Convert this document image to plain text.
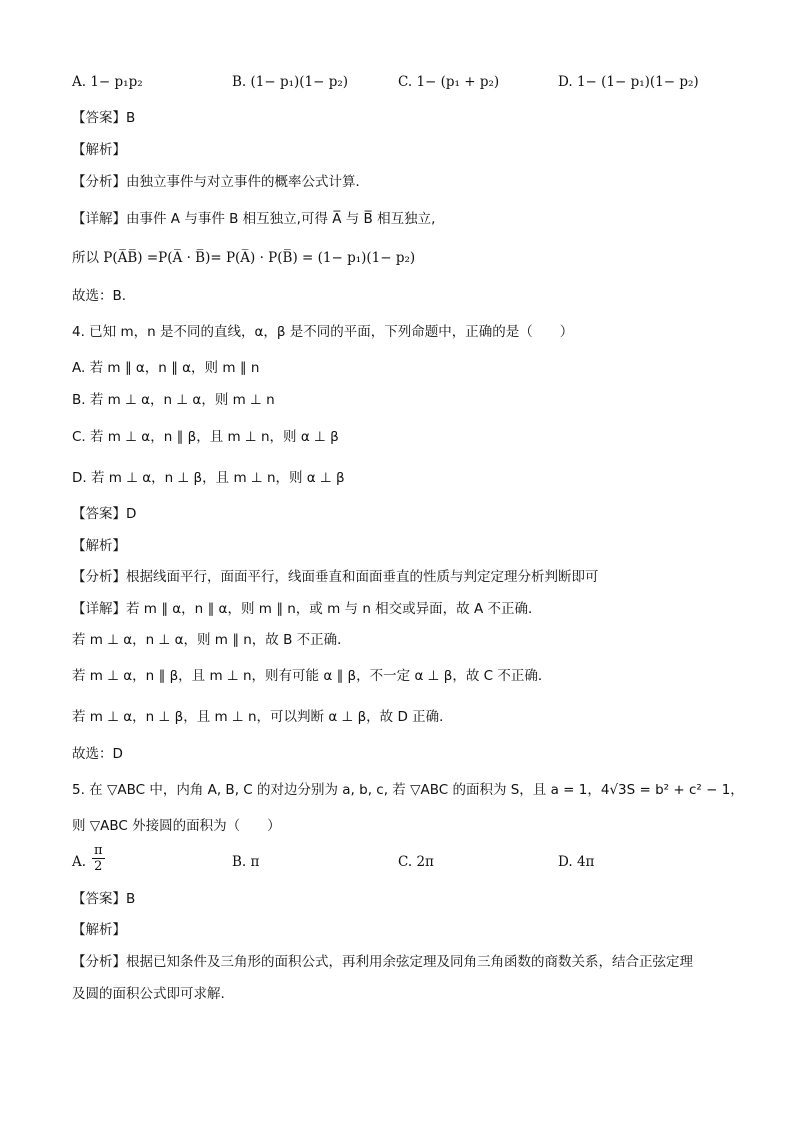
A. 1− p₁p₂	B. (1− p₁)(1− p₂)	C. 1− (p₁ + p₂)	D. 1− (1− p₁)(1− p₂)
【答案】B
【解析】
【分析】由独立事件与对立事件的概率公式计算．
【详解】由事件 A 与事件 B 相互独立,可得 A̅ 与 B̅ 相互独立,
所以 P(A̅B̅) =P(A̅ · B̅)= P(A̅) · P(B̅) = (1− p₁)(1− p₂)
故选：B.
4. 已知 m，n 是不同的直线，α，β 是不同的平面，下列命题中，正确的是（　　）
A. 若 m ∥ α，n ∥ α，则 m ∥ n
B. 若 m ⊥ α，n ⊥ α，则 m ⊥ n
C. 若 m ⊥ α，n ∥ β，且 m ⊥ n，则 α ⊥ β
D. 若 m ⊥ α，n ⊥ β，且 m ⊥ n，则 α ⊥ β
【答案】D
【解析】
【分析】根据线面平行，面面平行，线面垂直和面面垂直的性质与判定定理分析判断即可
【详解】若 m ∥ α，n ∥ α，则 m ∥ n，或 m 与 n 相交或异面，故 A 不正确．
若 m ⊥ α，n ⊥ α，则 m ∥ n，故 B 不正确．
若 m ⊥ α，n ∥ β，且 m ⊥ n，则有可能 α ∥ β，不一定 α ⊥ β，故 C 不正确．
若 m ⊥ α，n ⊥ β，且 m ⊥ n，可以判断 α ⊥ β，故 D 正确．
故选：D
5. 在 ▽ABC 中，内角 A, B, C 的对边分别为 a, b, c, 若 ▽ABC 的面积为 S，且 a = 1，4√3S = b² + c² − 1，
则 ▽ABC 外接圆的面积为（　　）
A. $\frac{\pi}{2}$	B. π	C. 2π	D. 4π
【答案】B
【解析】
【分析】根据已知条件及三角形的面积公式，再利用余弦定理及同角三角函数的商数关系，结合正弦定理
及圆的面积公式即可求解.
